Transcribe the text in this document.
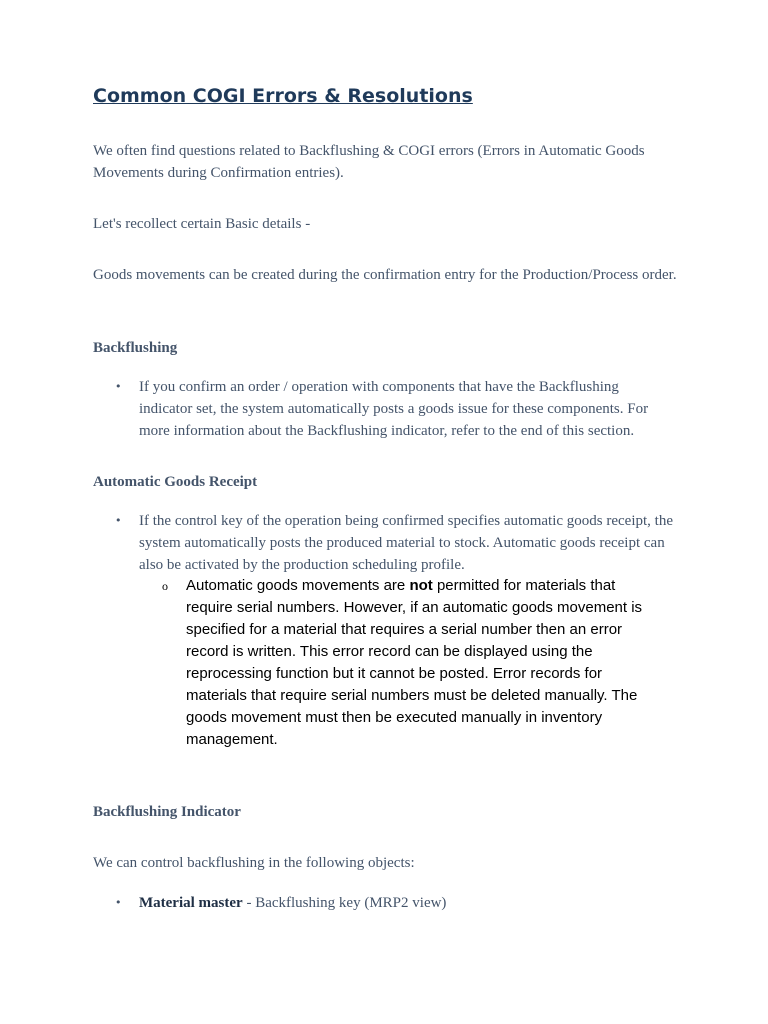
Common COGI Errors & Resolutions

We often find questions related to Backflushing & COGI errors (Errors in Automatic Goods Movements during Confirmation entries).

Let's recollect certain Basic details -

Goods movements can be created during the confirmation entry for the Production/Process order.

Backflushing
• If you confirm an order / operation with components that have the Backflushing indicator set, the system automatically posts a goods issue for these components. For more information about the Backflushing indicator, refer to the end of this section.
Automatic Goods Receipt
• If the control key of the operation being confirmed specifies automatic goods receipt, the system automatically posts the produced material to stock. Automatic goods receipt can also be activated by the production scheduling profile.
o Automatic goods movements are not permitted for materials that require serial numbers. However, if an automatic goods movement is specified for a material that requires a serial number then an error record is written. This error record can be displayed using the reprocessing function but it cannot be posted. Error records for materials that require serial numbers must be deleted manually. The goods movement must then be executed manually in inventory management.
Backflushing Indicator

We can control backflushing in the following objects:

• Material master - Backflushing key (MRP2 view)
